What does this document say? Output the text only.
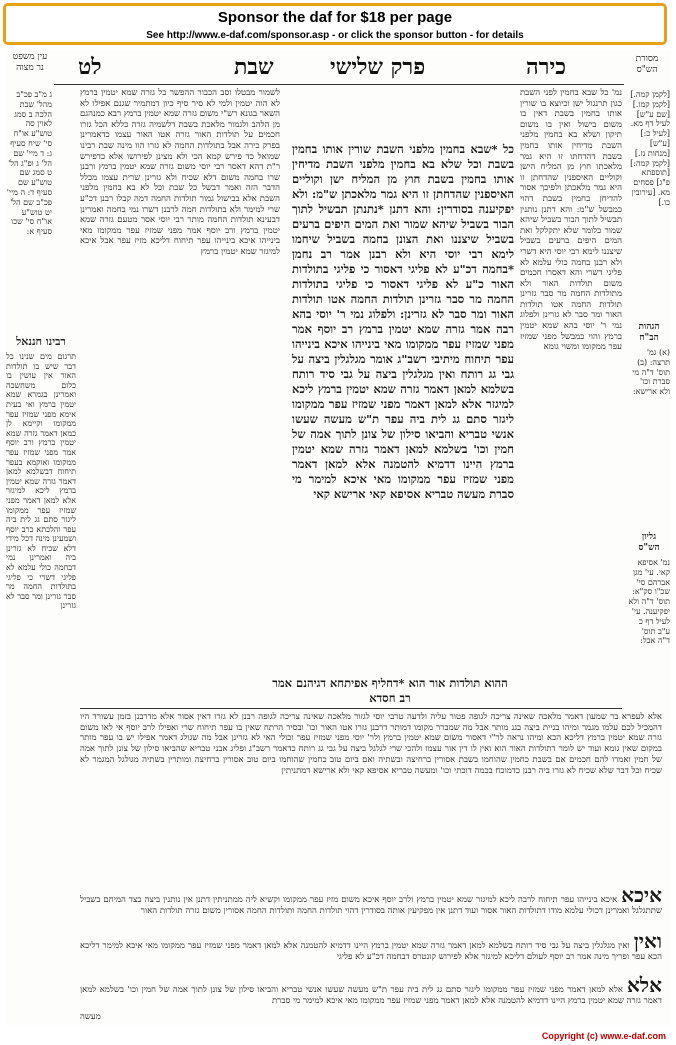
Sponsor the daf for $18 per page
See http://www.e-daf.com/sponsor.asp - or click the sponsor button - for details
עין משפט
נר מצוה	לט	שבת	פרק שלישי	כירה	מסורת
הש"ס
ג מ"ב פכ"ב מהל' שבת הלכה ב סמג לאוין סה טוש"ע או"ח סי' שיח סעיף ג: ד מיי' שם הל' ג ופ"ג הל' ט סמג שם טוש"ע שם סעיף ד: ה מיי' פכ"ב שם הל' יט טוש"ע או"ח סי' שכו סעיף א:
רבינו חננאל
תרגום מים שנינו כל דבר שיש בו תולדות האור אין עושין בו כלום משחשכה ואמרינן בגמרא שמא יטמין ברמץ ואי בעית אימא מפני שמזיז עפר ממקומו וקיימא לן כמאן דאמר גזרה שמא יטמין ברמץ ורב יוסף אמר מפני שמזיז עפר ממקומו ואוקמא בעפר תיחוח דבשלמא למאן דאמר גזרה שמא יטמין ברמץ ליכא למיגזר אלא למאן דאמר מפני שמזיז עפר ממקומו ליגזר סתם גג לית ביה עפר והלכתא כרב יוסף ושמעינן מינה דכל מידי דלא שכיח לא גזרינן ביה ואמרינן נמי דבחמה כולי עלמא לא פליגי דשרי כי פליגי בתולדות החמה מר סבר גזרינן ומר סבר לא גזרינן
לשמור מבטלו וסב הכבור ההפשר כל גזרה שמא יטמין ברמץ לא הוה יטמין ולמי לא סיר סיף כיון דמתמיר שגנם אפילו לא השאר בגונא רש"י משום גזרה שמא יטמין ברמץ רבא כמנהגם מן הלהב ולגמור מלאכת בשבת דלשמיה גזרה כללא הכל גזרו חכמים על תולדות האור גזרה אטו האור עצמו כדאמרינן בפרק כירה אבל בתולדות החמה לא גזרו הוו מינה שבת רבינו שמואל כד פירש קמא הכי ולא מצינן לפירושו אלא כדפירש ר"ת דהא דאסר רבי יוסי משום גזרה שמא יטמין ברמץ ורבנן שרו בחמה משום דלא שכיח ולא גזרינן שרית עצמו מכלל הדבר הזה ואמר דבשל כל שבת וכל לא בא בחמין מלפני השבת אלא בבישול גמור תולדות החמה דמה קבלו רבנן דכ"ע שרי למימר ולא בתולדות חמה לרבנן דשרו נמי בחמה ואמרינן דבעינא תולדות החמה מותר רבי יוסי אסר מטעם גזרה שמא יטמין ברמץ ורב יוסף אמר מפני שמזיז עפר ממקומו מאי בינייהו איכא בינייהו עפר תיחוח דליכא מזיז עפר אבל איכא למיגזר שמא יטמין ברמץ
כל *שבא בחמין מלפני השבת שורין אותו בחמין בשבת וכל שלא בא בחמין מלפני השבת מדיחין אותו בחמין בשבת חוץ מן המליח ישן וקוליים האיספנין שהדחתן זו היא גמר מלאכתן ש"מ: ולא יפקיענה בסודרין: והא דתנן *נתנתן תבשיל לתוך הבור בשביל שיהא שמור ואת המים היפים ברעים בשביל שיצננו ואת הצונן בחמה בשביל שיחמו לימא רבי יוסי היא ולא רבנן אמר רב נחמן *בחמה דכ"ע לא פליגי דאסור כי פליגי בתולדות האור כ"ע לא פליגי דאסור כי פליגי בתולדות החמה מר סבר גזרינן תולדות החמה אטו תולדות האור ומר סבר לא גזרינן: ולפלוג נמי ר' יוסי בהא רבה אמר גזרה שמא יטמין ברמץ רב יוסף אמר מפני שמזיז עפר ממקומו מאי בינייהו איכא בינייהו עפר תיחוח מיתיבי רשב"ג אומר מגלגלין ביצה על גבי גג רותח ואין מגלגלין ביצה על גבי סיד רותח בשלמא למאן דאמר גזרה שמא יטמין ברמץ ליכא למיגזר אלא למאן דאמר מפני שמזיז עפר ממקומו ליגזר סתם גג לית ביה עפר ת"ש מעשה שעשו אנשי טבריא והביאו סילון של צונן לתוך אמה של חמין וכו' בשלמא למאן דאמר גזרה שמא יטמין ברמץ היינו דדמיא להטמנה אלא למאן דאמר מפני שמזיז עפר ממקומו מאי איכא למימר מי סברת מעשה טבריא אסיפא קאי ארישא קאי
ההוא תולדות אור הוא *דחליף אפיתחא דגיהנם אמר רב חסדא
נמ' כל שבא בחמין לפני השבת כגון תרנגול ישן וכיוצא בו שורין אותו בחמין בשבת דאין בו משום בישול ואין בו משום תיקון ושלא בא בחמין מלפני השבת מדיחין אותו בחמין בשבת דהדחתו זו היא גמר מלאכתו חוץ מן המליח הישן וקוליים האיספנין שהדחתן זו היא גמר מלאכתן ולפיכך אסור להדיחן בחמין בשבת דהוי כמבשל ש"מ: והא דתנן נותנין תבשיל לתוך הבור בשביל שיהא שמור כלומר שלא יתקלקל ואת המים היפים ברעים בשביל שיצננו לימא רבי יוסי היא דשרי ולא רבנן בחמה כולי עלמא לא פליגי דשרי והא דאסרו חכמים משום תולדות האור ולא מתולדות החמה מר סבר גזרינן תולדות החמה אטו תולדות האור ומר סבר לא גזרינן ולפלוג נמי ר' יוסי בהא שמא יטמין ברמץ והוי כמבשל מפני שמזיז עפר ממקומו ומשוי גומא
[לקמן קמה.] [לקמן קמו.] [שם ע"ש] לעיל דף מא. [לעיל כ:] [ע"ש] [מנחות נז.] [לקמן קמה:] [תוספתא פ"ג] פסחים מא. [עירובין כו.]
הגהות
הב"ח
(א) גמ' תרצה: (ב) תוס' ד"ה מי סברת וכו' ולא ארישא:
גליון
הש"ס
נמ' אסיפא קאי. עי' מגן אברהם סי' שכ"ו סק"א: תוס' ד"ה ולא יפקיענה. עי' לעיל דף כ ע"ב תוס' ד"ה אבל:
אלא לעפרא בר שמעון דאמר מלאכה שאינה צריכה לגופה פטור עליה ולדעה טרבי יוסי לגזור מלאכה שאינה צריכה לגופה רבנן לא גזרו דאין אסור אלא מדרבנן בזמן עשורד היו דהמכיל לכם עלמו מגמר ומיהו בניית ביצה בגנ מותר אבל מה שמברר מקומו דמותר דרבנן גזרו אטו האור וכו' ובסיר הרתח שאין בו עפר תיחוח שרי ואפילו לרב יוסף אי לאו משום גזרה שמא יטמין ברמץ דליכא הכא ומיהו נראה לר"י דאסור משום שמא יטמין ברמץ ולר' יוסי מפני שמזיז עפר וכולי האי לא גזרינן אבל מה שגולג דאמר אפילו יש בו עפר מותר במקום שאין גומא ועוד יש לומר דתולדות האור הוא ואין לו דין אור עצמו ולהכי שרי לגלגל ביצה על גבי גג רותח כדאמר רשב"ג ופליג אבני טבריא שהביאו סילון של צונן לתוך אמה של חמין ואמרו להם חכמים אם בשבת כחמין שהוחמו בשבת אסורין ברחיצה ובשתיה ואם ביום טוב כחמין שהוחמו ביום טוב אסורין ברחיצה ומותרין בשתיה מגולגל המגמר לא שכיח וכל דבר שלא שכיח לא גזרו ביה רבנן כדמוכח בכמה דוכתי וכו' ומעשה טבריא אסיפא קאי ולא ארישא דמתניתין
איכאאיכא בינייהו עפר תיחוח לרבה ליכא למיגזר שמא יטמין ברמץ ולרב יוסף איכא משום מזיז עפר ממקומו וקשיא ליה ממתניתין דתנן אין נותנין ביצה בצד המיחם בשביל שתתגלגל ואמרינן דכולי עלמא מודו דתולדות האור אסור ועוד דתנן אין מפקיעין אותה בסודרין דהוי תולדות החמה ותולדות החמה אסורין משום גזרה תולדות האור
ואיןואין מגלגלין ביצה על גבי סיד רותח בשלמא למאן דאמר גזרה שמא יטמין ברמץ היינו דדמיא להטמנה אלא למאן דאמר מפני שמזיז עפר ממקומו מאי איכא למימר דליכא הכא עפר ופריך מינה אמר רב יוסף לעולם דליכא למיגזר אלא לפירוש קונטרס דבחמה דכ"ע לא פליגי
אלאאלא למאן דאמר מפני שמזיז עפר ממקומו ליגזר סתם גג לית ביה עפר ת"ש מעשה שעשו אנשי טבריא והביאו סילון של צונן לתוך אמה של חמין וכו' בשלמא למאן דאמר גזרה שמא יטמין ברמץ היינו דדמיא להטמנה אלא למאן דאמר מפני שמזיז עפר ממקומו מאי איכא למימר מי סברת
מעשה
Copyright (c) www.e-daf.com
